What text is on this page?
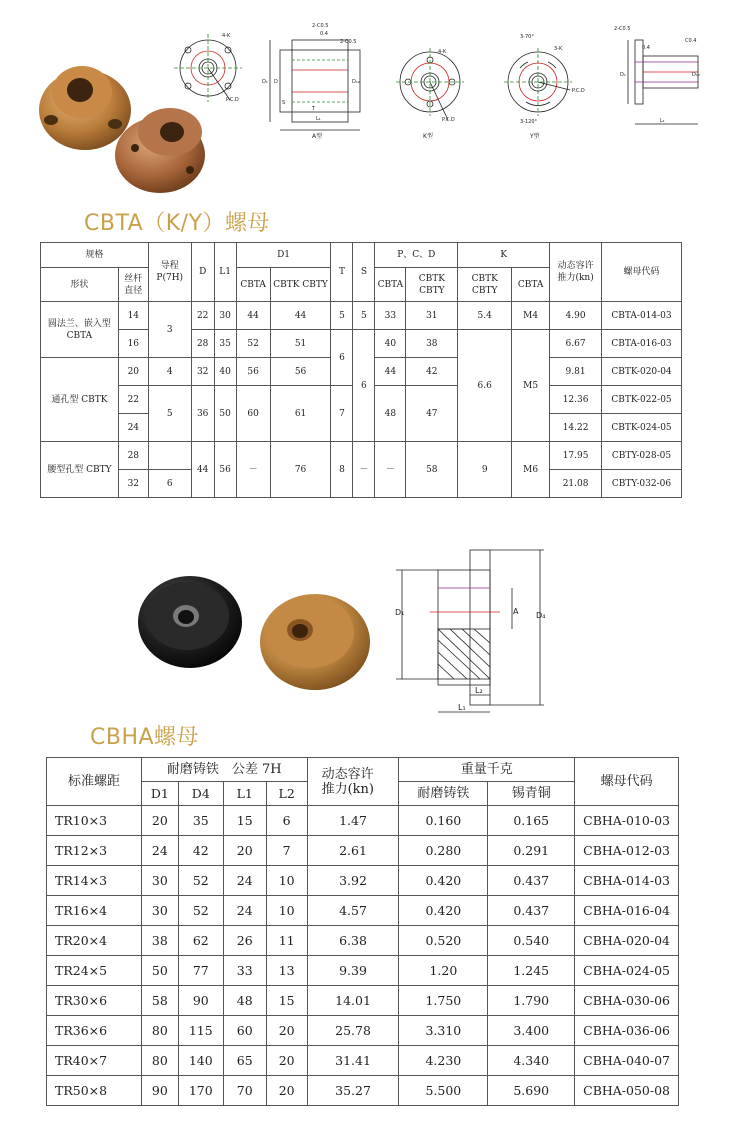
4-K
P.C.D
D₁ D	D₁₀
2-C0.5
0.4
2-C0.5
S
T
L₁
A型
4-K
P.C.D
K型
3-70°
3-K
P.C.D
3-120°
Y型
2-C0.5
0.4
C0.4
D₁	D₁₀
L₁
CBTA（K/Y）螺母
规格		导程
P(7H)	D	L1	D1		T	S	P、C、D		K		动态容许
推力(kn)	螺母代码
形状	丝杆
直径				CBTA	CBTK CBTY			CBTA	CBTK CBTY	CBTK CBTY	CBTA		
圆法兰、嵌入型
CBTA	14	3	22	30	44	44	5	5	33	31	5.4	M4	4.90	CBTA-014-03
	16		28	35	52	51	6	6	40	38	6.6	M5	6.67	CBTA-016-03
通孔型 CBTK	20	4	32	40	56	56			44	42			9.81	CBTK-020-04
	22	5	36	50	60	61	7		48	47			12.36	CBTK-022-05
	24												14.22	CBTK-024-05
腰型孔型 CBTY	28		44	56	－	76	8	－	－	58	9	M6	17.95	CBTY-028-05
	32	6											21.08	CBTY-032-06
D₁	A D₄
L₂
L₁
CBHA螺母
标准螺距	耐磨铸铁　公差 7H				动态容许
推力(kn)	重量千克		螺母代码
	D1	D4	L1	L2		耐磨铸铁	锡青铜	
TR10×3	20	35	15	6	1.47	0.160	0.165	CBHA-010-03
TR12×3	24	42	20	7	2.61	0.280	0.291	CBHA-012-03
TR14×3	30	52	24	10	3.92	0.420	0.437	CBHA-014-03
TR16×4	30	52	24	10	4.57	0.420	0.437	CBHA-016-04
TR20×4	38	62	26	11	6.38	0.520	0.540	CBHA-020-04
TR24×5	50	77	33	13	9.39	1.20	1.245	CBHA-024-05
TR30×6	58	90	48	15	14.01	1.750	1.790	CBHA-030-06
TR36×6	80	115	60	20	25.78	3.310	3.400	CBHA-036-06
TR40×7	80	140	65	20	31.41	4.230	4.340	CBHA-040-07
TR50×8	90	170	70	20	35.27	5.500	5.690	CBHA-050-08
